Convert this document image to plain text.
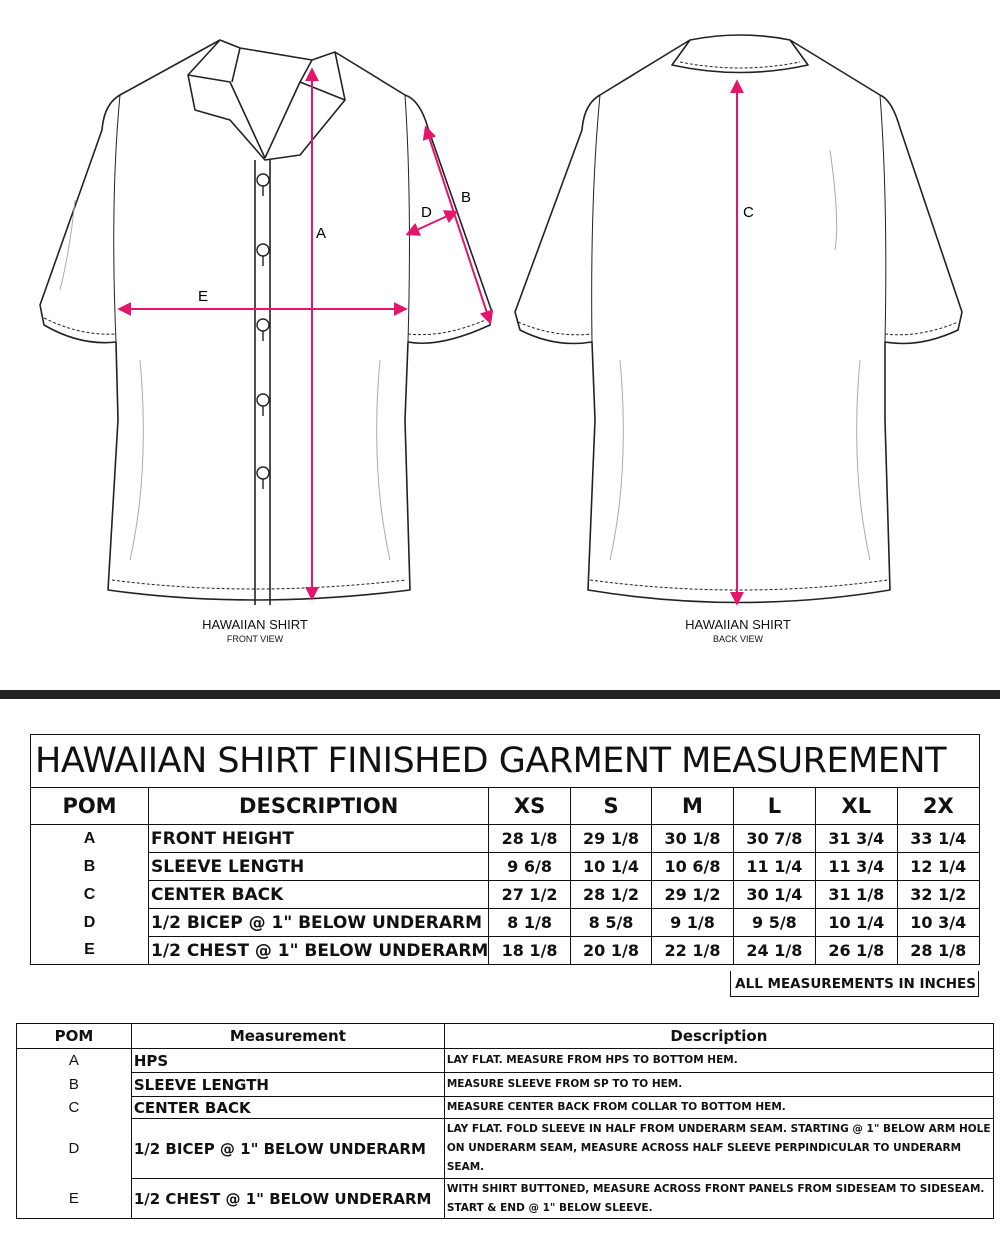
A
E
B
D	C
HAWAIIAN SHIRT
FRONT VIEW
HAWAIIAN SHIRT
BACK VIEW
HAWAIIAN SHIRT FINISHED GARMENT MEASUREMENT							
POM	DESCRIPTION	XS	S	M	L	XL	2X
A	FRONT HEIGHT	28 1/8	29 1/8	30 1/8	30 7/8	31 3/4	33 1/4
B	SLEEVE LENGTH	9 6/8	10 1/4	10 6/8	11 1/4	11 3/4	12 1/4
C	CENTER BACK	27 1/2	28 1/2	29 1/2	30 1/4	31 1/8	32 1/2
D	1/2 BICEP @ 1" BELOW UNDERARM	8 1/8	8 5/8	9 1/8	9 5/8	10 1/4	10 3/4
E	1/2 CHEST @ 1" BELOW UNDERARM	18 1/8	20 1/8	22 1/8	24 1/8	26 1/8	28 1/8
ALL MEASUREMENTS IN INCHES
POM	Measurement	Description
A	HPS	LAY FLAT. MEASURE FROM HPS TO BOTTOM HEM.
B	SLEEVE LENGTH	MEASURE SLEEVE FROM SP TO TO HEM.
C	CENTER BACK	MEASURE CENTER BACK FROM COLLAR TO BOTTOM HEM.
D	1/2 BICEP @ 1" BELOW UNDERARM	LAY FLAT. FOLD SLEEVE IN HALF FROM UNDERARM SEAM. STARTING @ 1" BELOW ARM HOLE ON UNDERARM SEAM, MEASURE ACROSS HALF SLEEVE PERPINDICULAR TO UNDERARM SEAM.
E	1/2 CHEST @ 1" BELOW UNDERARM	WITH SHIRT BUTTONED, MEASURE ACROSS FRONT PANELS FROM SIDESEAM TO SIDESEAM. START & END @ 1" BELOW SLEEVE.
